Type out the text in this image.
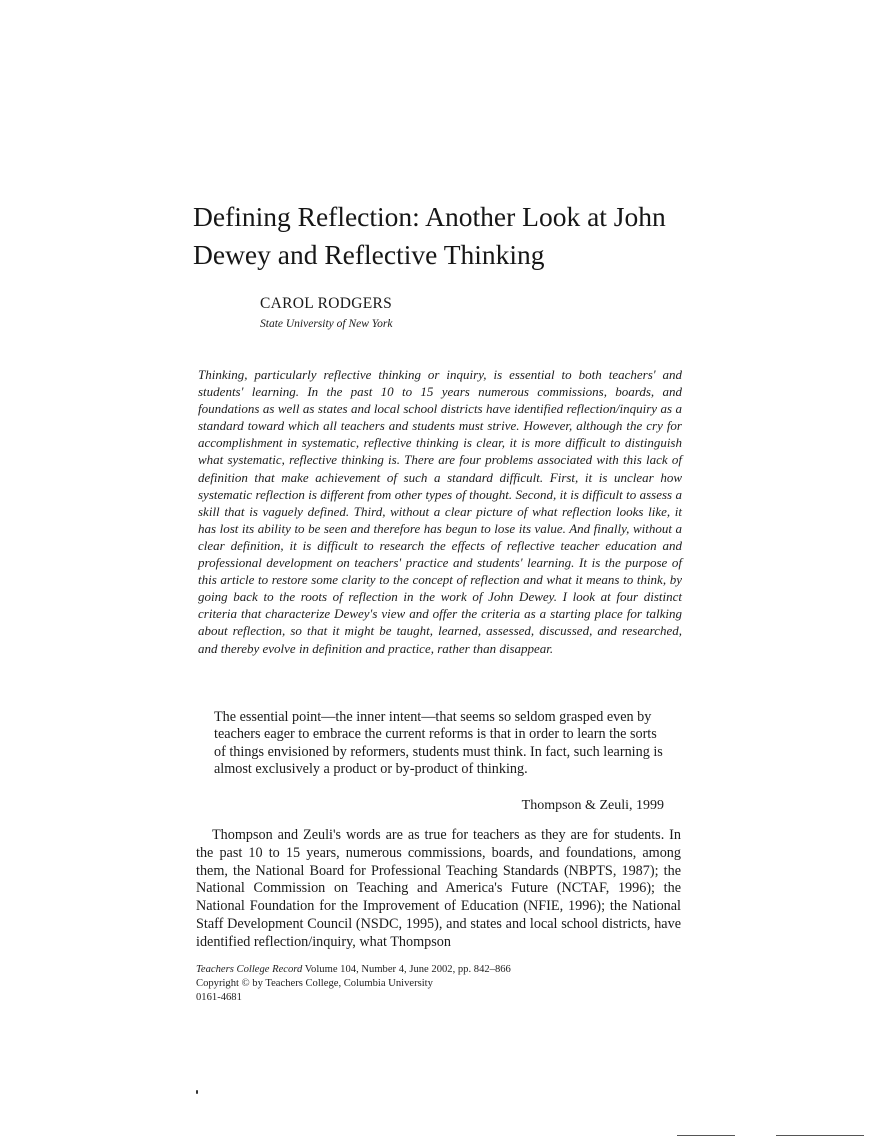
Defining Reflection: Another Look at John Dewey and Reflective Thinking
CAROL RODGERS
State University of New York

Thinking, particularly reflective thinking or inquiry, is essential to both teachers' and students' learning. In the past 10 to 15 years numerous commissions, boards, and foundations as well as states and local school districts have identified reflection/inquiry as a standard toward which all teachers and students must strive. However, although the cry for accomplishment in systematic, reflective thinking is clear, it is more difficult to distinguish what systematic, reflective thinking is. There are four problems associated with this lack of definition that make achievement of such a standard difficult. First, it is unclear how systematic reflection is different from other types of thought. Second, it is difficult to assess a skill that is vaguely defined. Third, without a clear picture of what reflection looks like, it has lost its ability to be seen and therefore has begun to lose its value. And finally, without a clear definition, it is difficult to research the effects of reflective teacher education and professional development on teachers' practice and students' learning. It is the purpose of this article to restore some clarity to the concept of reflection and what it means to think, by going back to the roots of reflection in the work of John Dewey. I look at four distinct criteria that characterize Dewey's view and offer the criteria as a starting place for talking about reflection, so that it might be taught, learned, assessed, discussed, and researched, and thereby evolve in definition and practice, rather than disappear.

The essential point—the inner intent—that seems so seldom grasped even by teachers eager to embrace the current reforms is that in order to learn the sorts of things envisioned by reformers, students must think. In fact, such learning is almost exclusively a product or by-product of thinking.

Thompson & Zeuli, 1999

Thompson and Zeuli's words are as true for teachers as they are for students. In the past 10 to 15 years, numerous commissions, boards, and foundations, among them, the National Board for Professional Teaching Standards (NBPTS, 1987); the National Commission on Teaching and America's Future (NCTAF, 1996); the National Foundation for the Improvement of Education (NFIE, 1996); the National Staff Development Council (NSDC, 1995), and states and local school districts, have identified reflection/inquiry, what Thompson

Teachers College Record Volume 104, Number 4, June 2002, pp. 842–866
Copyright © by Teachers College, Columbia University
0161-4681
